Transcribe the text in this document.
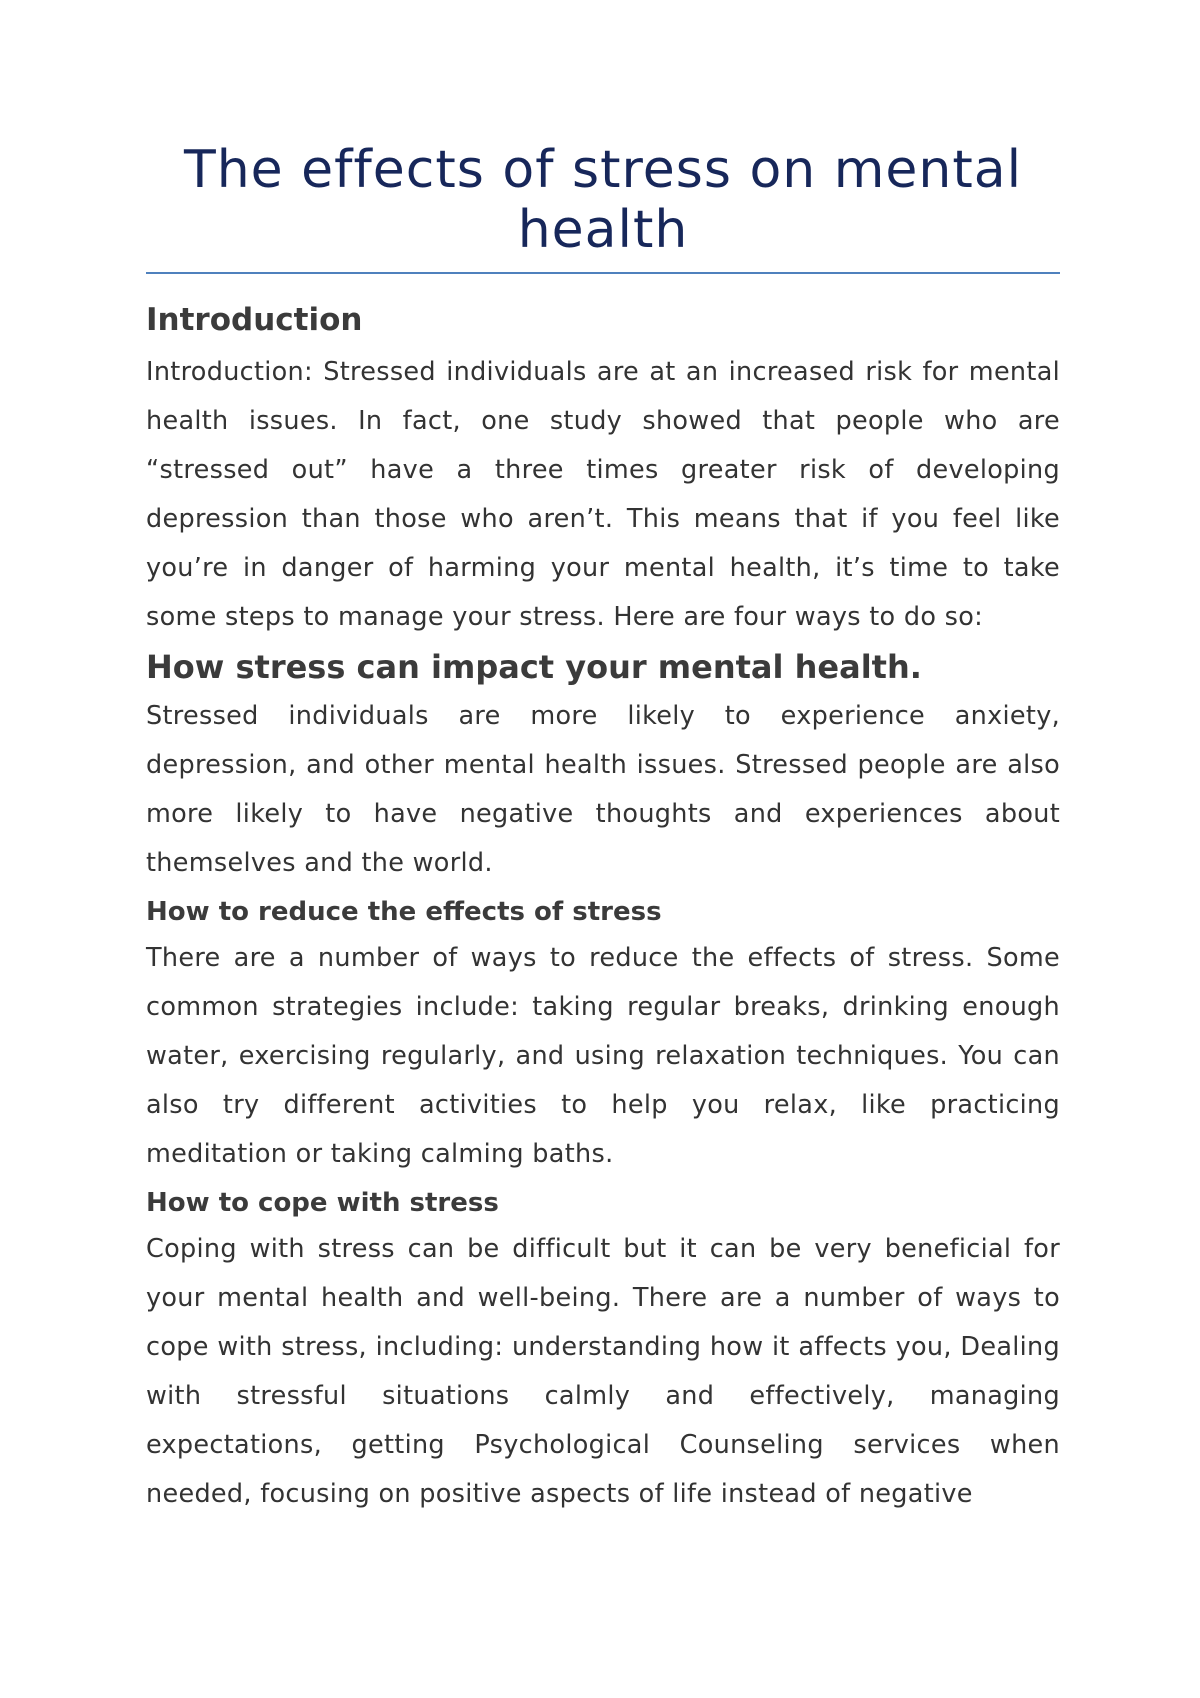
The effects of stress on mental health
Introduction

Introduction: Stressed individuals are at an increased risk for mental health issues. In fact, one study showed that people who are “stressed out” have a three times greater risk of developing depression than those who aren’t. This means that if you feel like you’re in danger of harming your mental health, it’s time to take some steps to manage your stress. Here are four ways to do so:

How stress can impact your mental health.

Stressed individuals are more likely to experience anxiety, depression, and other mental health issues. Stressed people are also more likely to have negative thoughts and experiences about themselves and the world.

How to reduce the effects of stress

There are a number of ways to reduce the effects of stress. Some common strategies include: taking regular breaks, drinking enough water, exercising regularly, and using relaxation techniques. You can also try different activities to help you relax, like practicing meditation or taking calming baths.

How to cope with stress

Coping with stress can be difficult but it can be very beneficial for your mental health and well-being. There are a number of ways to cope with stress, including: understanding how it affects you, Dealing with stressful situations calmly and effectively, managing expectations, getting Psychological Counseling services when needed, focusing on positive aspects of life instead of negative
